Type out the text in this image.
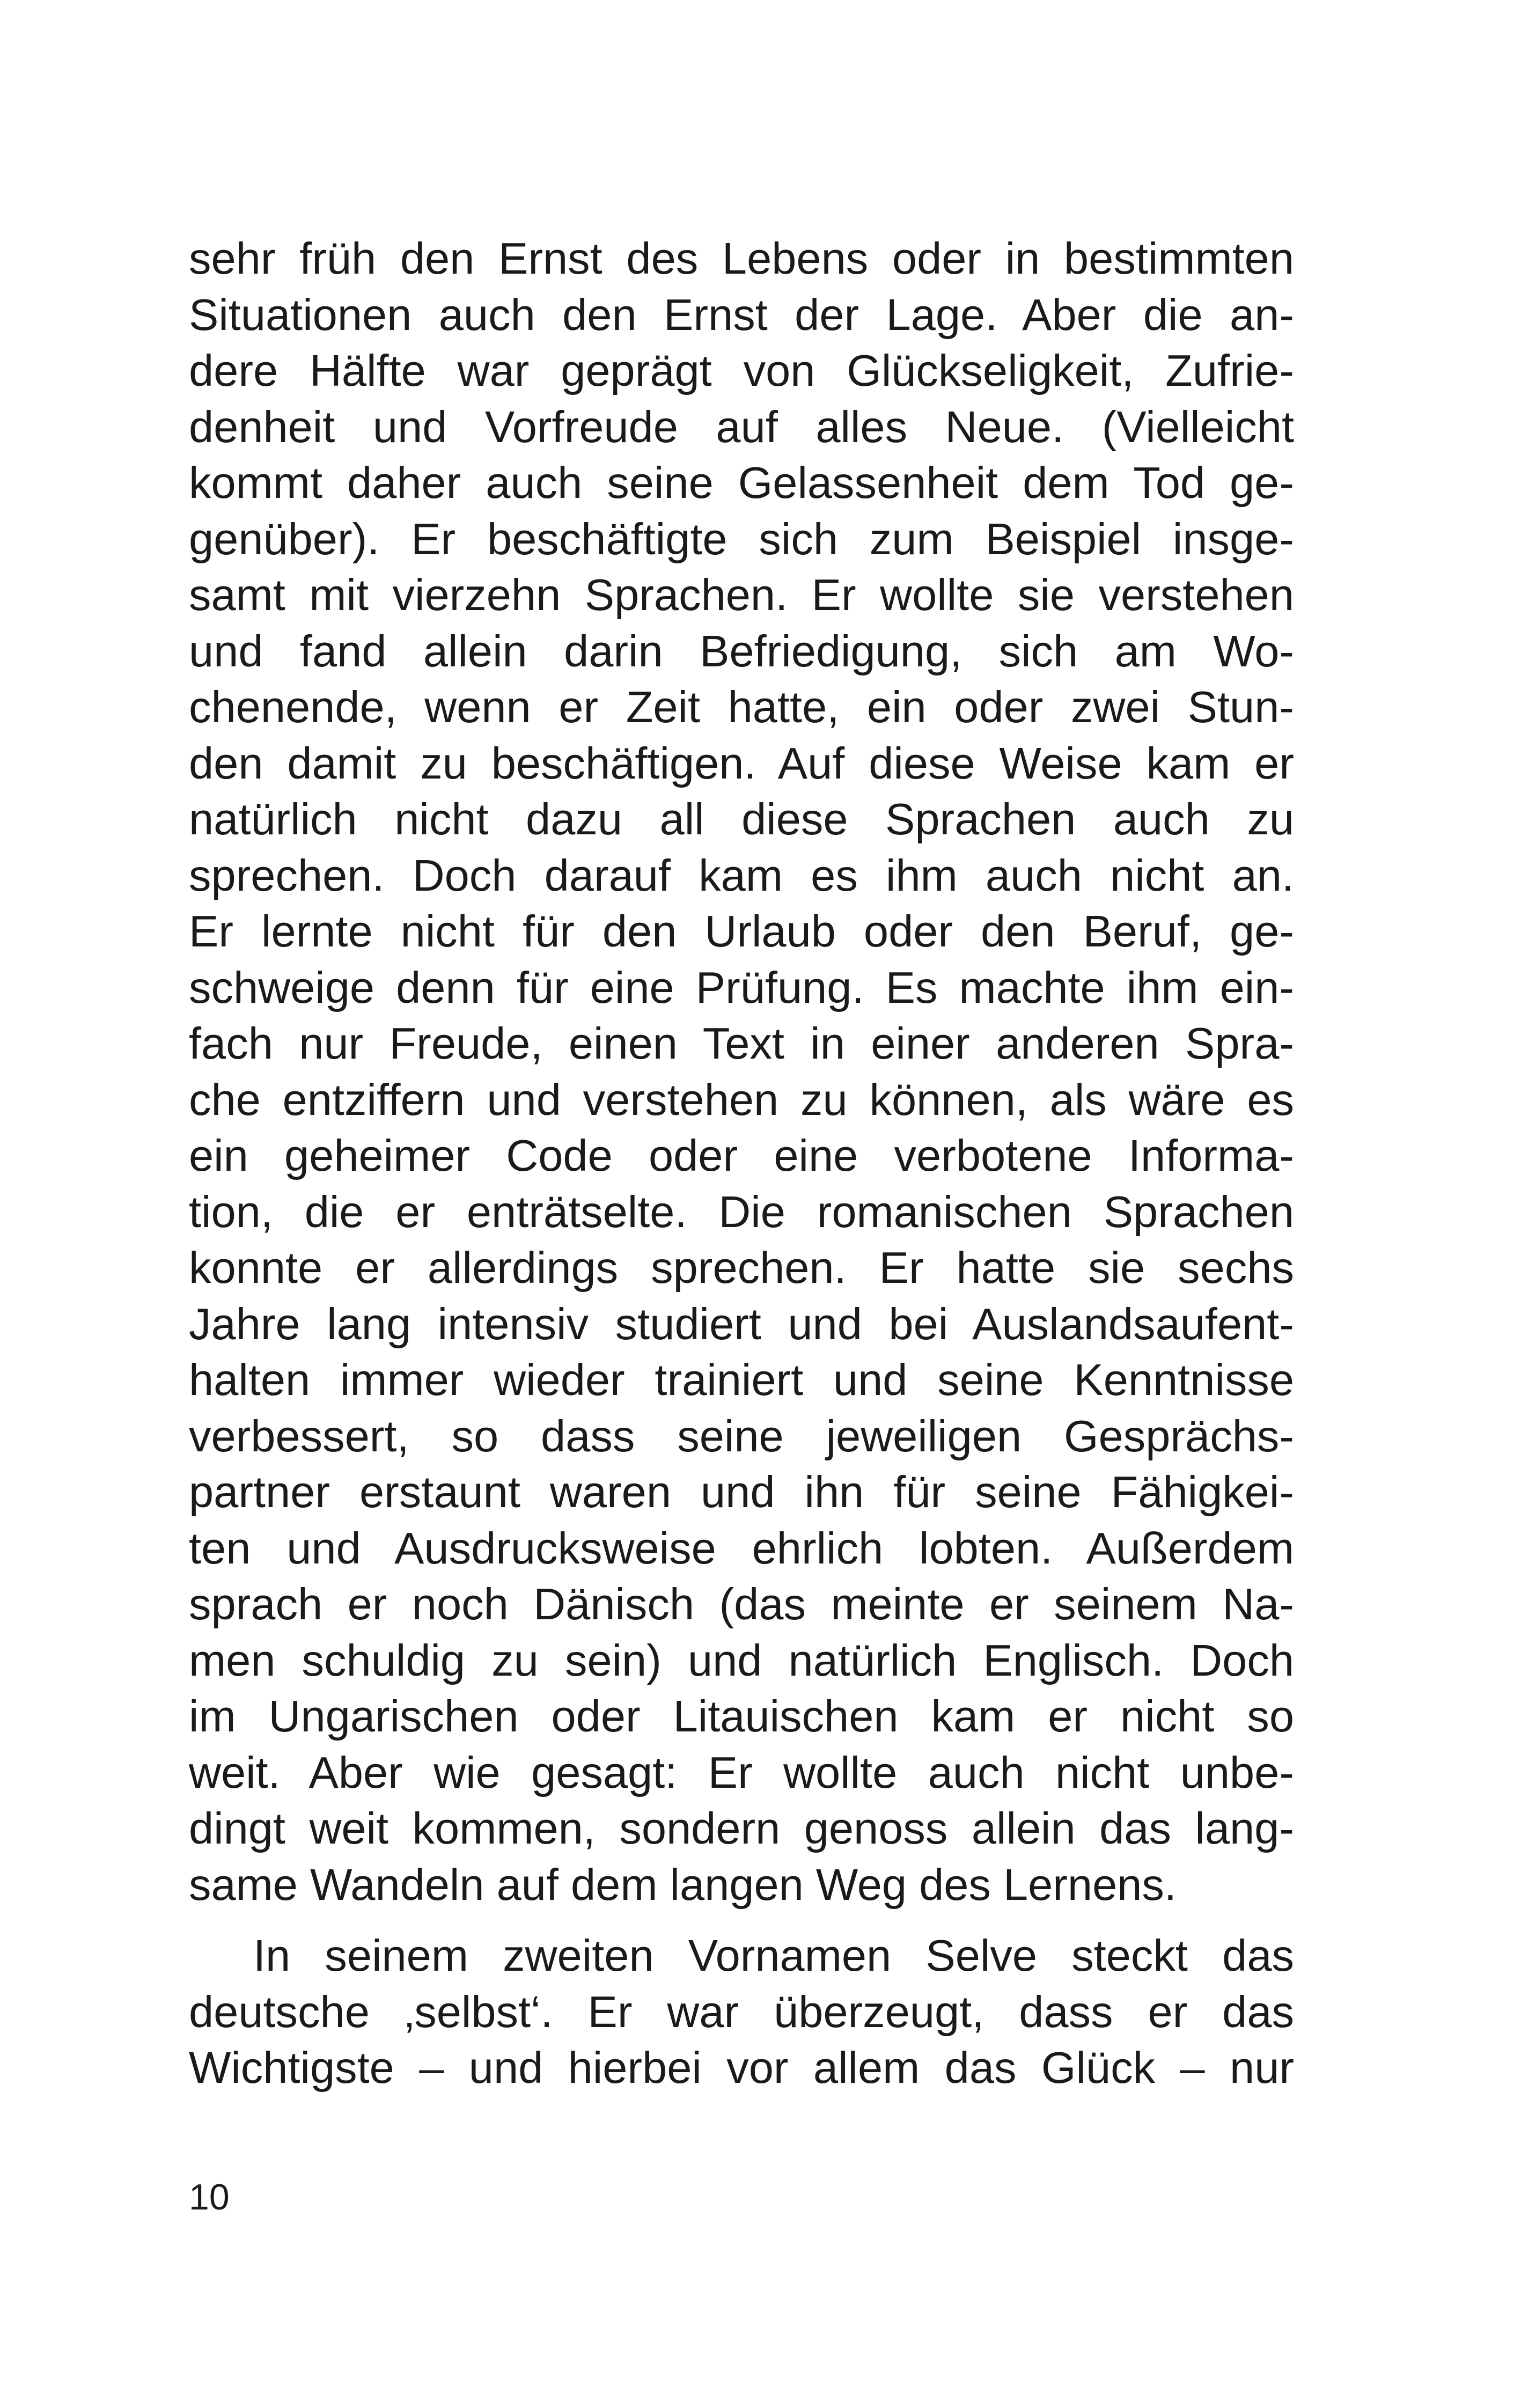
sehr früh den Ernst des Lebens oder in bestimmten
Situationen auch den Ernst der Lage. Aber die an-
dere Hälfte war geprägt von Glückseligkeit, Zufrie-
denheit und Vorfreude auf alles Neue. (Vielleicht
kommt daher auch seine Gelassenheit dem Tod ge-
genüber). Er beschäftigte sich zum Beispiel insge-
samt mit vierzehn Sprachen. Er wollte sie verstehen
und fand allein darin Befriedigung, sich am Wo-
chenende, wenn er Zeit hatte, ein oder zwei Stun-
den damit zu beschäftigen. Auf diese Weise kam er
natürlich nicht dazu all diese Sprachen auch zu
sprechen. Doch darauf kam es ihm auch nicht an.
Er lernte nicht für den Urlaub oder den Beruf, ge-
schweige denn für eine Prüfung. Es machte ihm ein-
fach nur Freude, einen Text in einer anderen Spra-
che entziffern und verstehen zu können, als wäre es
ein geheimer Code oder eine verbotene Informa-
tion, die er enträtselte. Die romanischen Sprachen
konnte er allerdings sprechen. Er hatte sie sechs
Jahre lang intensiv studiert und bei Auslandsaufent-
halten immer wieder trainiert und seine Kenntnisse
verbessert, so dass seine jeweiligen Gesprächs-
partner erstaunt waren und ihn für seine Fähigkei-
ten und Ausdrucksweise ehrlich lobten. Außerdem
sprach er noch Dänisch (das meinte er seinem Na-
men schuldig zu sein) und natürlich Englisch. Doch
im Ungarischen oder Litauischen kam er nicht so
weit. Aber wie gesagt: Er wollte auch nicht unbe-
dingt weit kommen, sondern genoss allein das lang-
same Wandeln auf dem langen Weg des Lernens.
In seinem zweiten Vornamen Selve steckt das
deutsche ‚selbst‘. Er war überzeugt, dass er das
Wichtigste – und hierbei vor allem das Glück – nur
10
